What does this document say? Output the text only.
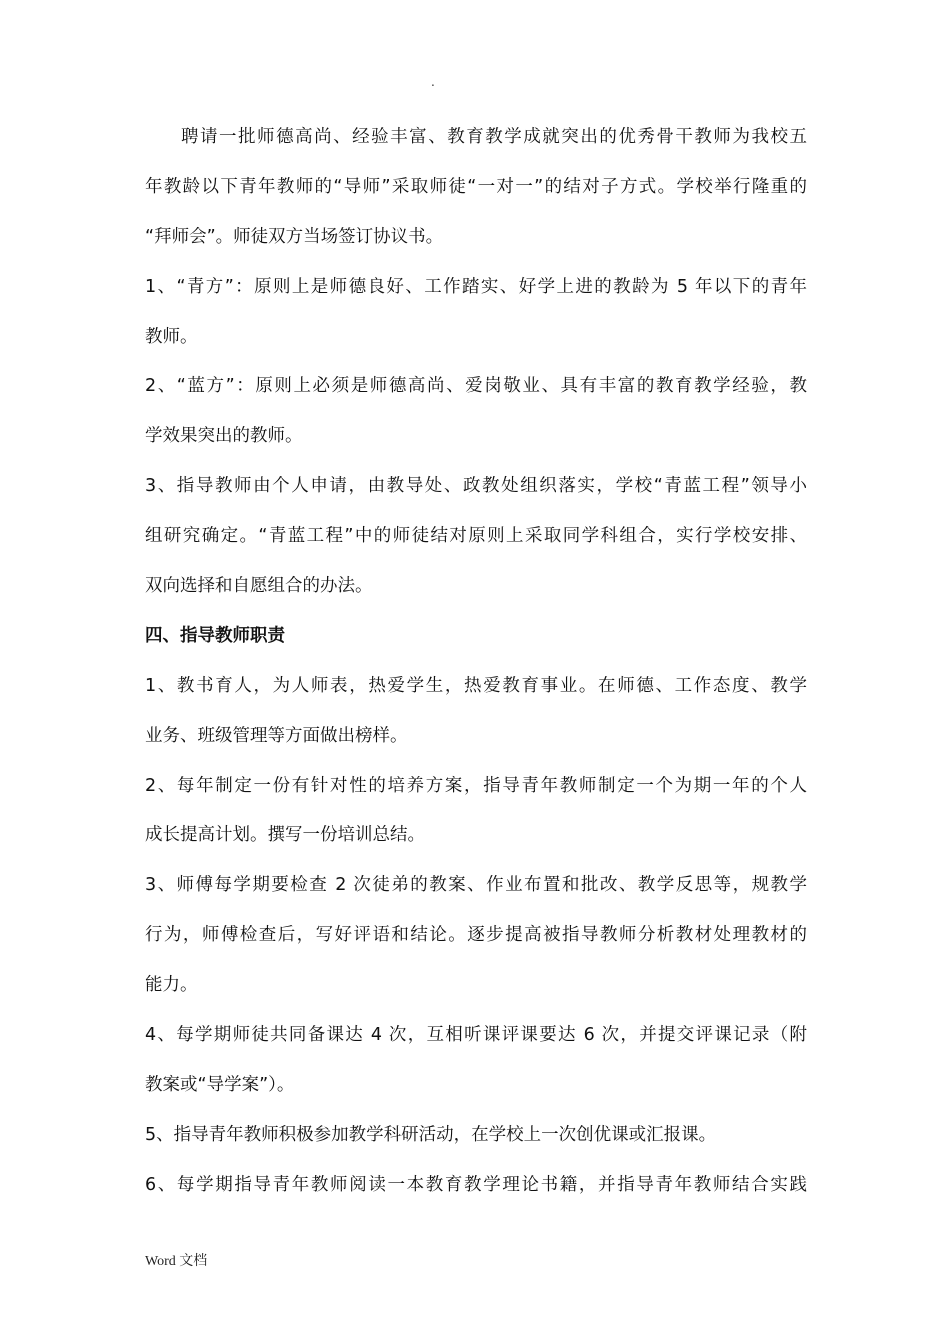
.
聘请一批师德高尚、经验丰富、教育教学成就突出的优秀骨干教师为我校五
年教龄以下青年教师的“导师”采取师徒“一对一”的结对子方式。学校举行隆重的
“拜师会”。师徒双方当场签订协议书。
1、“青方”：原则上是师德良好、工作踏实、好学上进的教龄为 5 年以下的青年
教师。
2、“蓝方”：原则上必须是师德高尚、爱岗敬业、具有丰富的教育教学经验，教
学效果突出的教师。
3、指导教师由个人申请，由教导处、政教处组织落实，学校“青蓝工程”领导小
组研究确定。“青蓝工程”中的师徒结对原则上采取同学科组合，实行学校安排、
双向选择和自愿组合的办法。
四、指导教师职责
1、教书育人，为人师表，热爱学生，热爱教育事业。在师德、工作态度、教学
业务、班级管理等方面做出榜样。
2、每年制定一份有针对性的培养方案，指导青年教师制定一个为期一年的个人
成长提高计划。撰写一份培训总结。
3、师傅每学期要检查 2 次徒弟的教案、作业布置和批改、教学反思等，规教学
行为，师傅检查后，写好评语和结论。逐步提高被指导教师分析教材处理教材的
能力。
4、每学期师徒共同备课达 4 次，互相听课评课要达 6 次，并提交评课记录（附
教案或“导学案”）。
5、指导青年教师积极参加教学科研活动，在学校上一次创优课或汇报课。
6、每学期指导青年教师阅读一本教育教学理论书籍，并指导青年教师结合实践
Word 文档
